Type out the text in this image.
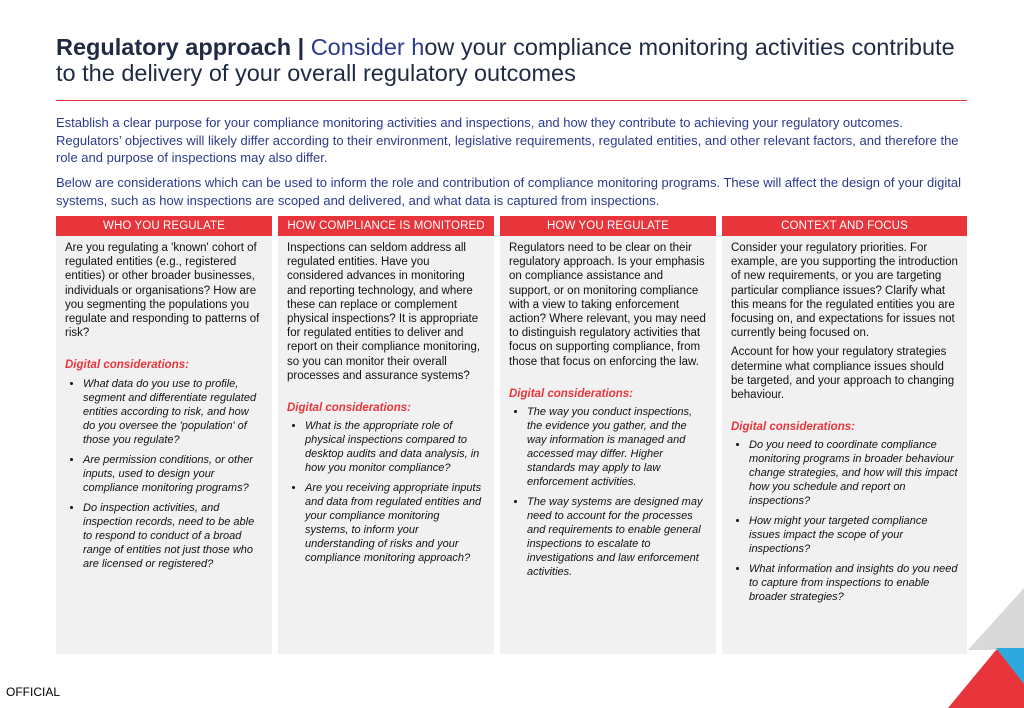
Regulatory approach | Consider how your compliance monitoring activities contribute to the delivery of your overall regulatory outcomes
Establish a clear purpose for your compliance monitoring activities and inspections, and how they contribute to achieving your regulatory outcomes. Regulators’ objectives will likely differ according to their environment, legislative requirements, regulated entities, and other relevant factors, and therefore the role and purpose of inspections may also differ.
Below are considerations which can be used to inform the role and contribution of compliance monitoring programs. These will affect the design of your digital systems, such as how inspections are scoped and delivered, and what data is captured from inspections.
WHO YOU REGULATE

Are you regulating a 'known' cohort of regulated entities (e.g., registered entities) or other broader businesses, individuals or organisations? How are you segmenting the populations you regulate and responding to patterns of risk?

Digital considerations:
• What data do you use to profile, segment and differentiate regulated entities according to risk, and how do you oversee the 'population' of those you regulate?
• Are permission conditions, or other inputs, used to design your compliance monitoring programs?
• Do inspection activities, and inspection records, need to be able to respond to conduct of a broad range of entities not just those who are licensed or registered?
HOW COMPLIANCE IS MONITORED

Inspections can seldom address all regulated entities. Have you considered advances in monitoring and reporting technology, and where these can replace or complement physical inspections? It is appropriate for regulated entities to deliver and report on their compliance monitoring, so you can monitor their overall processes and assurance systems?

Digital considerations:
• What is the appropriate role of physical inspections compared to desktop audits and data analysis, in how you monitor compliance?
• Are you receiving appropriate inputs and data from regulated entities and your compliance monitoring systems, to inform your understanding of risks and your compliance monitoring approach?
HOW YOU REGULATE

Regulators need to be clear on their regulatory approach. Is your emphasis on compliance assistance and support, or on monitoring compliance with a view to taking enforcement action? Where relevant, you may need to distinguish regulatory activities that focus on supporting compliance, from those that focus on enforcing the law.

Digital considerations:
• The way you conduct inspections, the evidence you gather, and the way information is managed and accessed may differ. Higher standards may apply to law enforcement activities.
• The way systems are designed may need to account for the processes and requirements to enable general inspections to escalate to investigations and law enforcement activities.
CONTEXT AND FOCUS

Consider your regulatory priorities. For example, are you supporting the introduction of new requirements, or you are targeting particular compliance issues? Clarify what this means for the regulated entities you are focusing on, and expectations for issues not currently being focused on.

Account for how your regulatory strategies determine what compliance issues should be targeted, and your approach to changing behaviour.

Digital considerations:
• Do you need to coordinate compliance monitoring programs in broader behaviour change strategies, and how will this impact how you schedule and report on inspections?
• How might your targeted compliance issues impact the scope of your inspections?
• What information and insights do you need to capture from inspections to enable broader strategies?
5
OFFICIAL
